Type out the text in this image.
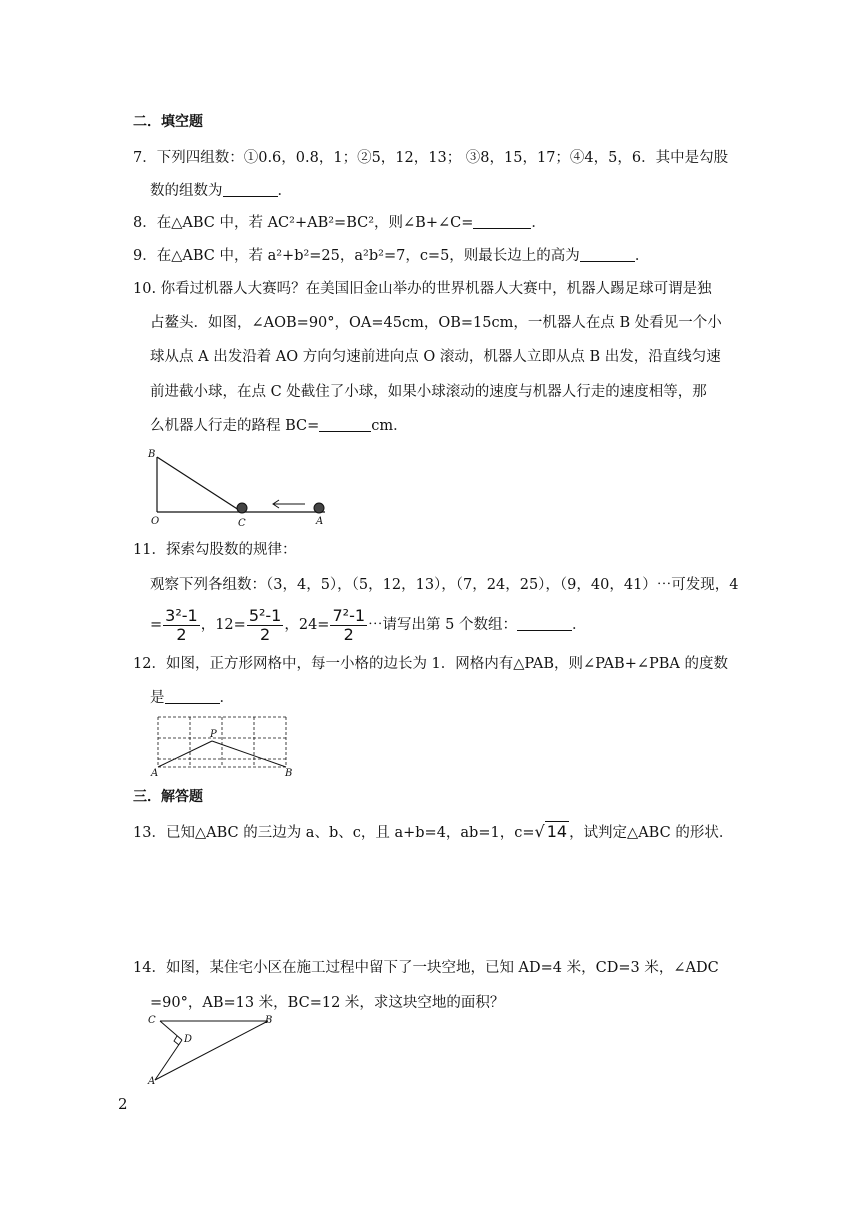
二．填空题
7．下列四组数：①0.6，0.8，1；②5，12，13； ③8，15，17；④4，5，6．其中是勾股
数的组数为	．
8．在△ABC 中，若 AC²+AB²=BC²，则∠B+∠C=	．
9．在△ABC 中，若 a²+b²=25，a²b²=7，c=5，则最长边上的高为	．
10. 你看过机器人大赛吗？在美国旧金山举办的世界机器人大赛中，机器人踢足球可谓是独
占鳌头．如图，∠AOB=90°，OA=45cm，OB=15cm，一机器人在点 B 处看见一个小
球从点 A 出发沿着 AO 方向匀速前进向点 O 滚动，机器人立即从点 B 出发，沿直线匀速
前进截小球，在点 C 处截住了小球，如果小球滚动的速度与机器人行走的速度相等，那
么机器人行走的路程 BC=	cm．
B
O	C	A
11．探索勾股数的规律：
观察下列各组数：（3，4，5），（5，12，13），（7，24，25），（9，40，41）⋯可发现，4
= $\frac{\text{3²-1}}{2}$ ，$12= \frac{\text{5²-1}}{2}$ ，$24= \frac{\text{7²-1}}{2}$ ⋯请写出第 5 个数组：	．
12．如图，正方形网格中，每一小格的边长为 1．网格内有△PAB，则∠PAB+∠PBA 的度数
是	．
P
A	B
三．解答题
13．已知△ABC 的三边为 a、b、c，且 a+b=4，ab=1，c=√ 14 ，试判定△ABC 的形状．
14．如图，某住宅小区在施工过程中留下了一块空地，已知 AD=4 米，CD=3 米，∠ADC
=90°，AB=13 米，BC=12 米，求这块空地的面积？
C
D
B
A
2
